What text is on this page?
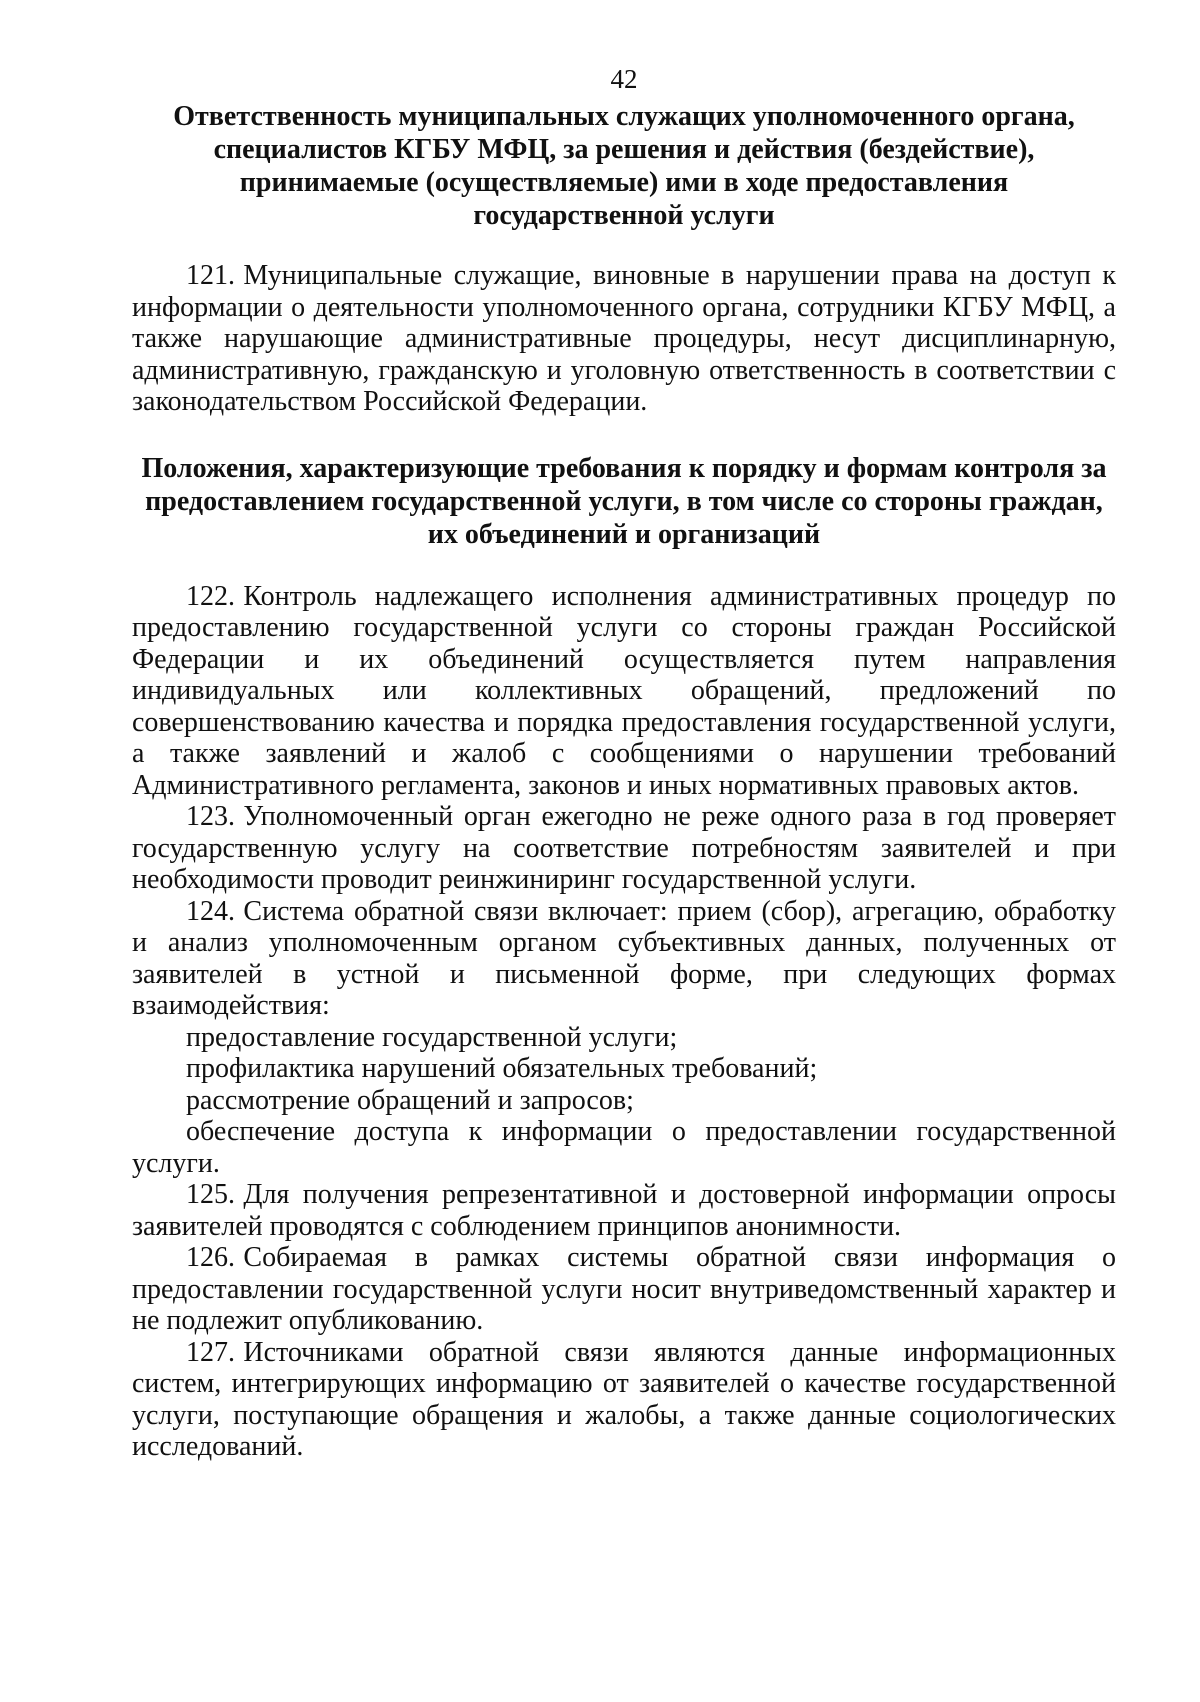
42
Ответственность муниципальных служащих уполномоченного органа, специалистов КГБУ МФЦ, за решения и действия (бездействие), принимаемые (осуществляемые) ими в ходе предоставления государственной услуги

121. Муниципальные служащие, виновные в нарушении права на доступ к информации о деятельности уполномоченного органа, сотрудники КГБУ МФЦ, а также нарушающие административные процедуры, несут дисциплинарную, административную, гражданскую и уголовную ответственность в соответствии с законодательством Российской Федерации.

Положения, характеризующие требования к порядку и формам контроля за предоставлением государственной услуги, в том числе со стороны граждан, их объединений и организаций

122. Контроль надлежащего исполнения административных процедур по предоставлению государственной услуги со стороны граждан Российской Федерации и их объединений осуществляется путем направления индивидуальных или коллективных обращений, предложений по совершенствованию качества и порядка предоставления государственной услуги, а также заявлений и жалоб с сообщениями о нарушении требований Административного регламента, законов и иных нормативных правовых актов.

123. Уполномоченный орган ежегодно не реже одного раза в год проверяет государственную услугу на соответствие потребностям заявителей и при необходимости проводит реинжиниринг государственной услуги.

124. Система обратной связи включает: прием (сбор), агрегацию, обработку и анализ уполномоченным органом субъективных данных, полученных от заявителей в устной и письменной форме, при следующих формах взаимодействия:

предоставление государственной услуги;

профилактика нарушений обязательных требований;

рассмотрение обращений и запросов;

обеспечение доступа к информации о предоставлении государственной услуги.

125. Для получения репрезентативной и достоверной информации опросы заявителей проводятся с соблюдением принципов анонимности.

126. Собираемая в рамках системы обратной связи информация о предоставлении государственной услуги носит внутриведомственный характер и не подлежит опубликованию.

127. Источниками обратной связи являются данные информационных систем, интегрирующих информацию от заявителей о качестве государственной услуги, поступающие обращения и жалобы, а также данные социологических исследований.
